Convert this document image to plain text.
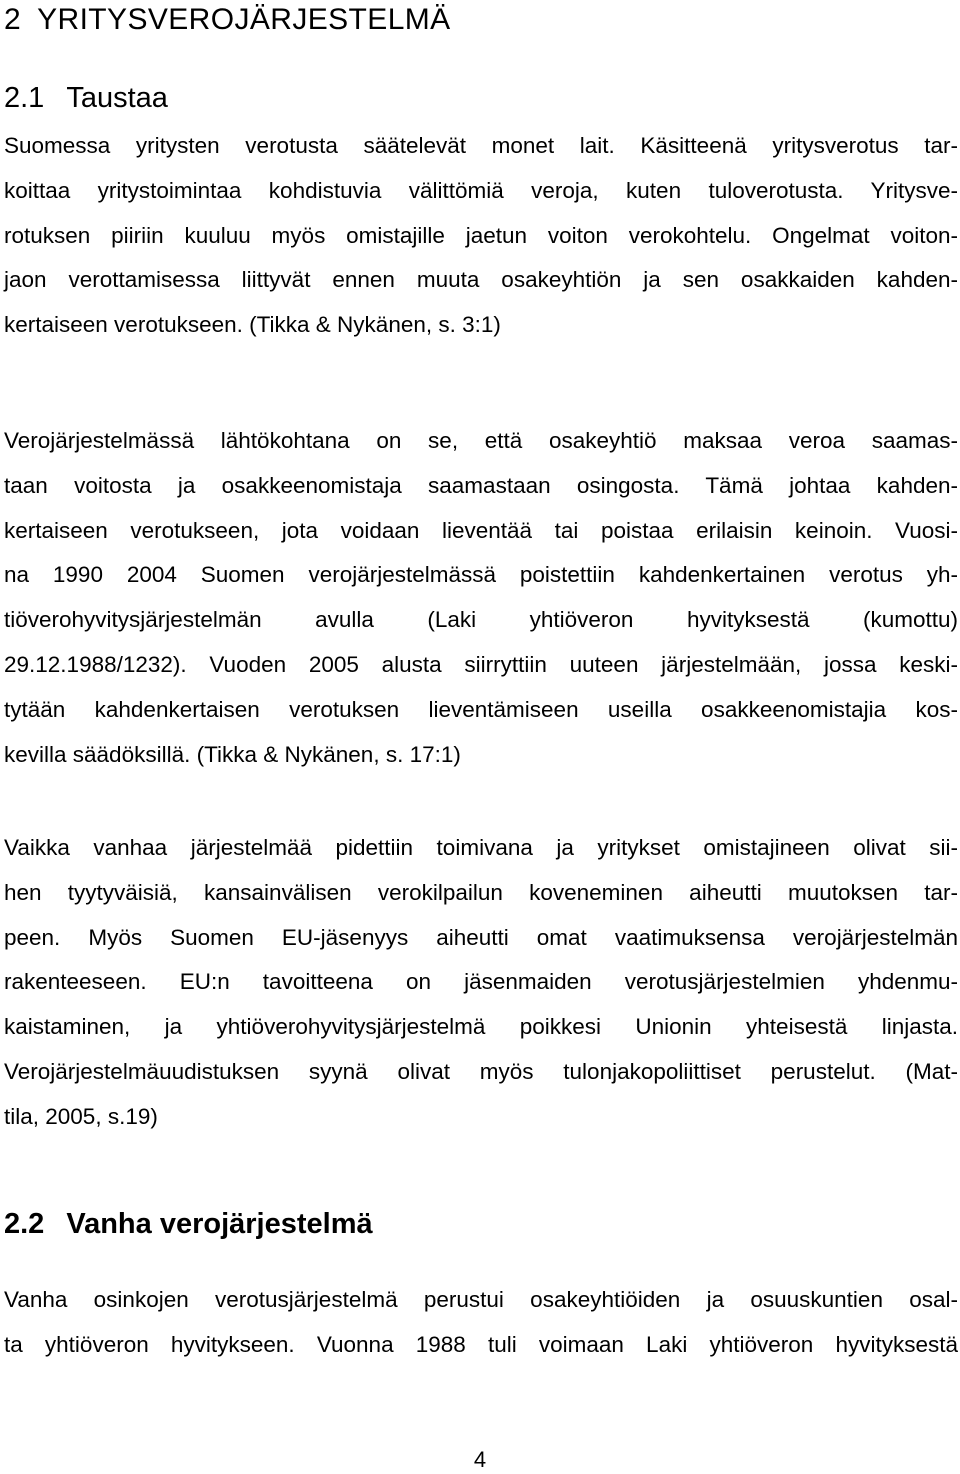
2 YRITYSVEROJÄRJESTELMÄ
2.1 Taustaa
Suomessa yritysten verotusta säätelevät monet lait. Käsitteenä yritysverotus tar-
koittaa yritystoimintaa kohdistuvia välittömiä veroja, kuten tuloverotusta. Yritysve-
rotuksen piiriin kuuluu myös omistajille jaetun voiton verokohtelu. Ongelmat voiton-
jaon verottamisessa liittyvät ennen muuta osakeyhtiön ja sen osakkaiden kahden-
kertaiseen verotukseen. (Tikka & Nykänen, s. 3:1)
Verojärjestelmässä lähtökohtana on se, että osakeyhtiö maksaa veroa saamas-
taan voitosta ja osakkeenomistaja saamastaan osingosta. Tämä johtaa kahden-
kertaiseen verotukseen, jota voidaan lieventää tai poistaa erilaisin keinoin. Vuosi-
na 1990 2004 Suomen verojärjestelmässä poistettiin kahdenkertainen verotus yh-
tiöverohyvitysjärjestelmän avulla (Laki yhtiöveron hyvityksestä (kumottu)
29.12.1988/1232). Vuoden 2005 alusta siirryttiin uuteen järjestelmään, jossa keski-
tytään kahdenkertaisen verotuksen lieventämiseen useilla osakkeenomistajia kos-
kevilla säädöksillä. (Tikka & Nykänen, s. 17:1)
Vaikka vanhaa järjestelmää pidettiin toimivana ja yritykset omistajineen olivat sii-
hen tyytyväisiä, kansainvälisen verokilpailun koveneminen aiheutti muutoksen tar-
peen. Myös Suomen EU-jäsenyys aiheutti omat vaatimuksensa verojärjestelmän
rakenteeseen. EU:n tavoitteena on jäsenmaiden verotusjärjestelmien yhdenmu-
kaistaminen, ja yhtiöverohyvitysjärjestelmä poikkesi Unionin yhteisestä linjasta.
Verojärjestelmäuudistuksen syynä olivat myös tulonjakopoliittiset perustelut. (Mat-
tila, 2005, s.19)
2.2 Vanha verojärjestelmä
Vanha osinkojen verotusjärjestelmä perustui osakeyhtiöiden ja osuuskuntien osal-
ta yhtiöveron hyvitykseen. Vuonna 1988 tuli voimaan Laki yhtiöveron hyvityksestä
4
